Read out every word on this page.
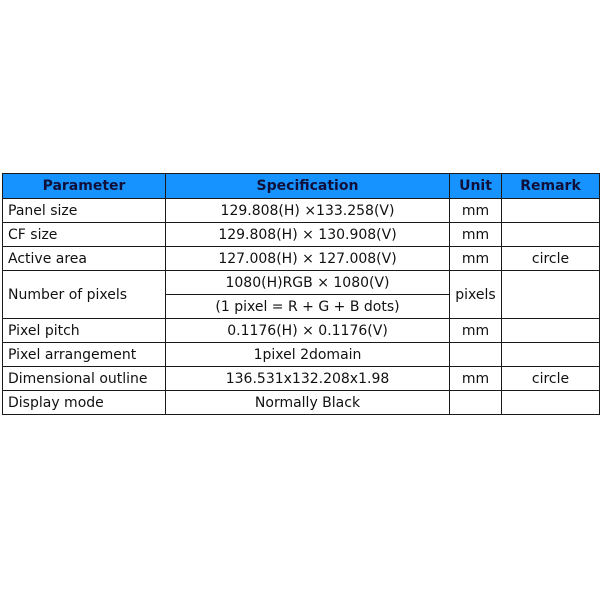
Parameter	Specification	Unit	Remark
Panel size	129.808(H) ×133.258(V)	mm	
CF size	129.808(H) × 130.908(V)	mm	
Active area	127.008(H) × 127.008(V)	mm	circle
Number of pixels	1080(H)RGB × 1080(V)	pixels	
	(1 pixel = R + G + B dots)		
Pixel pitch	0.1176(H) × 0.1176(V)	mm	
Pixel arrangement	1pixel 2domain		
Dimensional outline	136.531x132.208x1.98	mm	circle
Display mode	Normally Black		
